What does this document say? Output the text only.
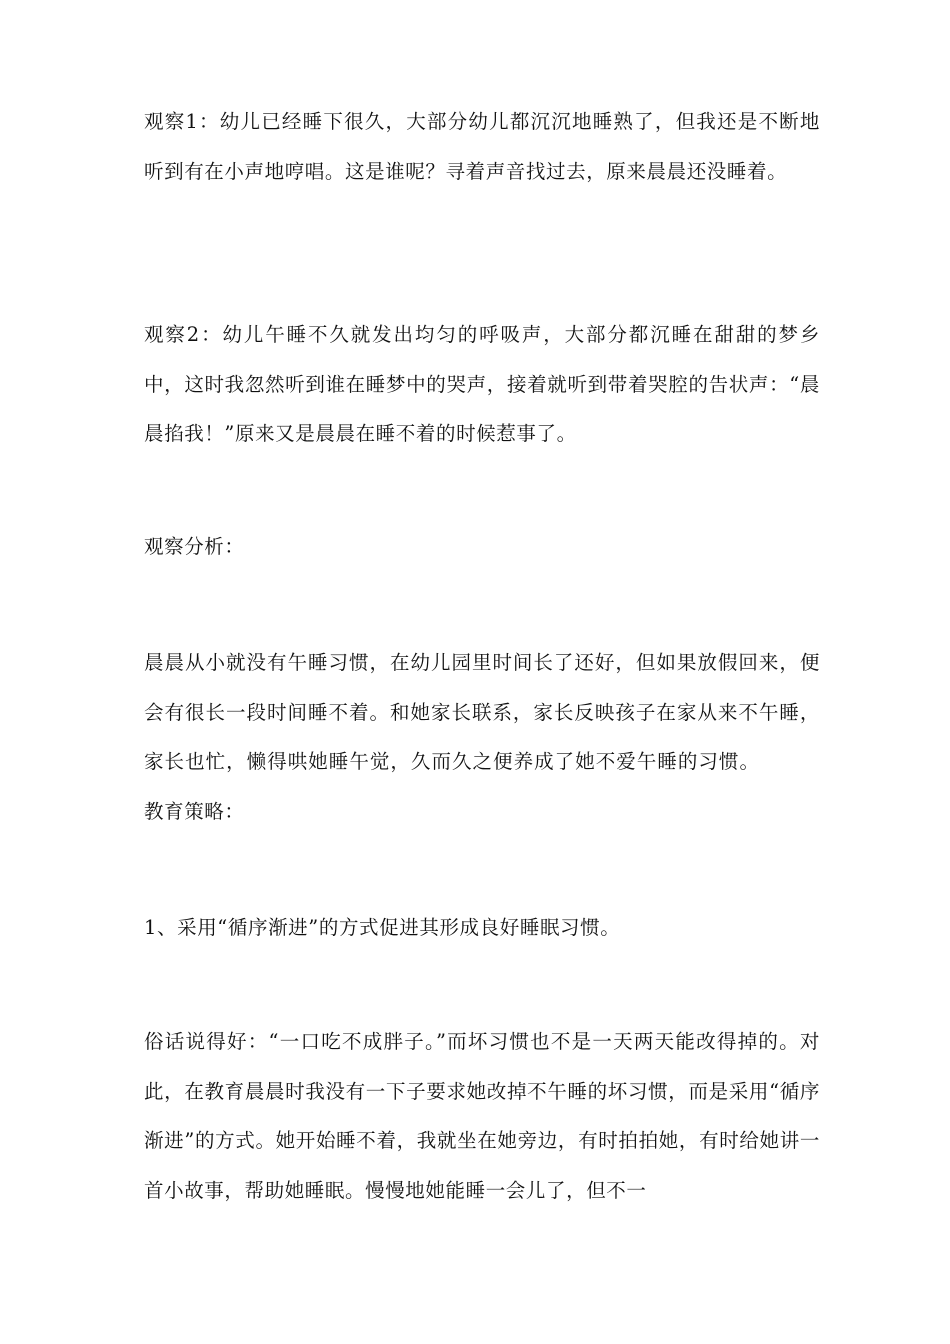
观察1：幼儿已经睡下很久，大部分幼儿都沉沉地睡熟了，但我还是不断地听到有在小声地哼唱。这是谁呢？寻着声音找过去，原来晨晨还没睡着。

观察2：幼儿午睡不久就发出均匀的呼吸声，大部分都沉睡在甜甜的梦乡中，这时我忽然听到谁在睡梦中的哭声，接着就听到带着哭腔的告状声：“晨晨掐我！”原来又是晨晨在睡不着的时候惹事了。

观察分析：

晨晨从小就没有午睡习惯，在幼儿园里时间长了还好，但如果放假回来，便会有很长一段时间睡不着。和她家长联系，家长反映孩子在家从来不午睡，家长也忙，懒得哄她睡午觉，久而久之便养成了她不爱午睡的习惯。教育策略：

1、采用“循序渐进”的方式促进其形成良好睡眠习惯。

俗话说得好：“一口吃不成胖子。”而坏习惯也不是一天两天能改得掉的。对此，在教育晨晨时我没有一下子要求她改掉不午睡的坏习惯，而是采用“循序渐进”的方式。她开始睡不着，我就坐在她旁边，有时拍拍她，有时给她讲一首小故事，帮助她睡眠。慢慢地她能睡一会儿了，但不一
